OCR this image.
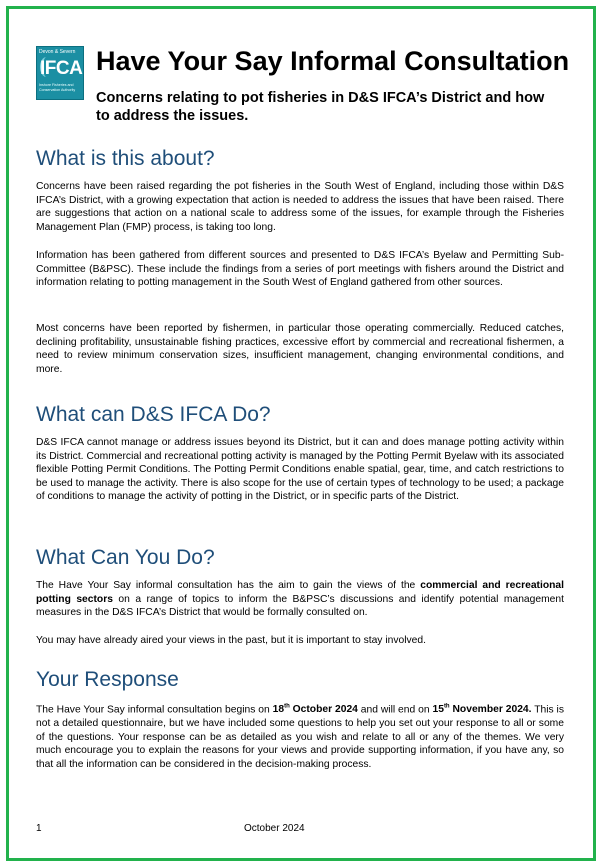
Devon & Severn
IFCA
Inshore Fisheries and Conservation Authority
Have Your Say Informal Consultation
Concerns relating to pot fisheries in D&S IFCA’s District and how to address the issues.
What is this about?

Concerns have been raised regarding the pot fisheries in the South West of England, including those within D&S IFCA’s District, with a growing expectation that action is needed to address the issues that have been raised. There are suggestions that action on a national scale to address some of the issues, for example through the Fisheries Management Plan (FMP) process, is taking too long.

Information has been gathered from different sources and presented to D&S IFCA’s Byelaw and Permitting Sub-Committee (B&PSC). These include the findings from a series of port meetings with fishers around the District and information relating to potting management in the South West of England gathered from other sources.

Most concerns have been reported by fishermen, in particular those operating commercially. Reduced catches, declining profitability, unsustainable fishing practices, excessive effort by commercial and recreational fishermen, a need to review minimum conservation sizes, insufficient management, changing environmental conditions, and more.

What can D&S IFCA Do?

D&S IFCA cannot manage or address issues beyond its District, but it can and does manage potting activity within its District. Commercial and recreational potting activity is managed by the Potting Permit Byelaw with its associated flexible Potting Permit Conditions. The Potting Permit Conditions enable spatial, gear, time, and catch restrictions to be used to manage the activity. There is also scope for the use of certain types of technology to be used; a package of conditions to manage the activity of potting in the District, or in specific parts of the District.

What Can You Do?

The Have Your Say informal consultation has the aim to gain the views of the commercial and recreational potting sectors on a range of topics to inform the B&PSC’s discussions and identify potential management measures in the D&S IFCA’s District that would be formally consulted on.

You may have already aired your views in the past, but it is important to stay involved.

Your Response

The Have Your Say informal consultation begins on 18th October 2024 and will end on 15th November 2024. This is not a detailed questionnaire, but we have included some questions to help you set out your response to all or some of the questions. Your response can be as detailed as you wish and relate to all or any of the themes. We very much encourage you to explain the reasons for your views and provide supporting information, if you have any, so that all the information can be considered in the decision-making process.

1	October 2024
